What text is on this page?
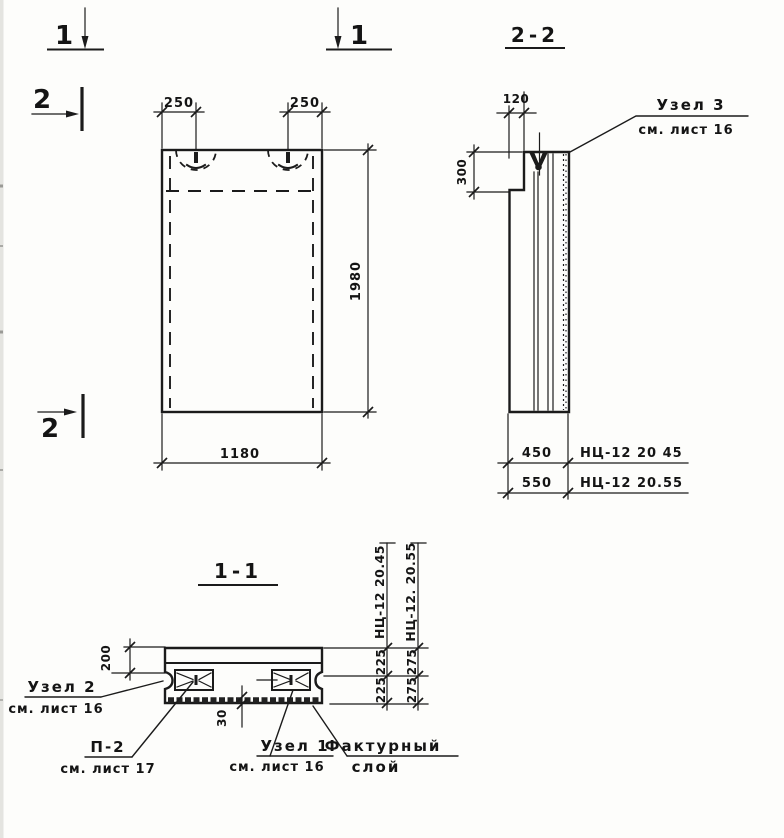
1	1
2
2
250	250
1980
1180
2-2
120
300
Узел 3
см. лист 16
450 НЦ-12 20 45
550 НЦ-12 20.55
1-1
200
30
НЦ-12 20.45
225
225
НЦ-12. 20.55
275
275
Узел 2
см. лист 16
П-2
см. лист 17
Узел 1
см. лист 16
Фактурный
слой
